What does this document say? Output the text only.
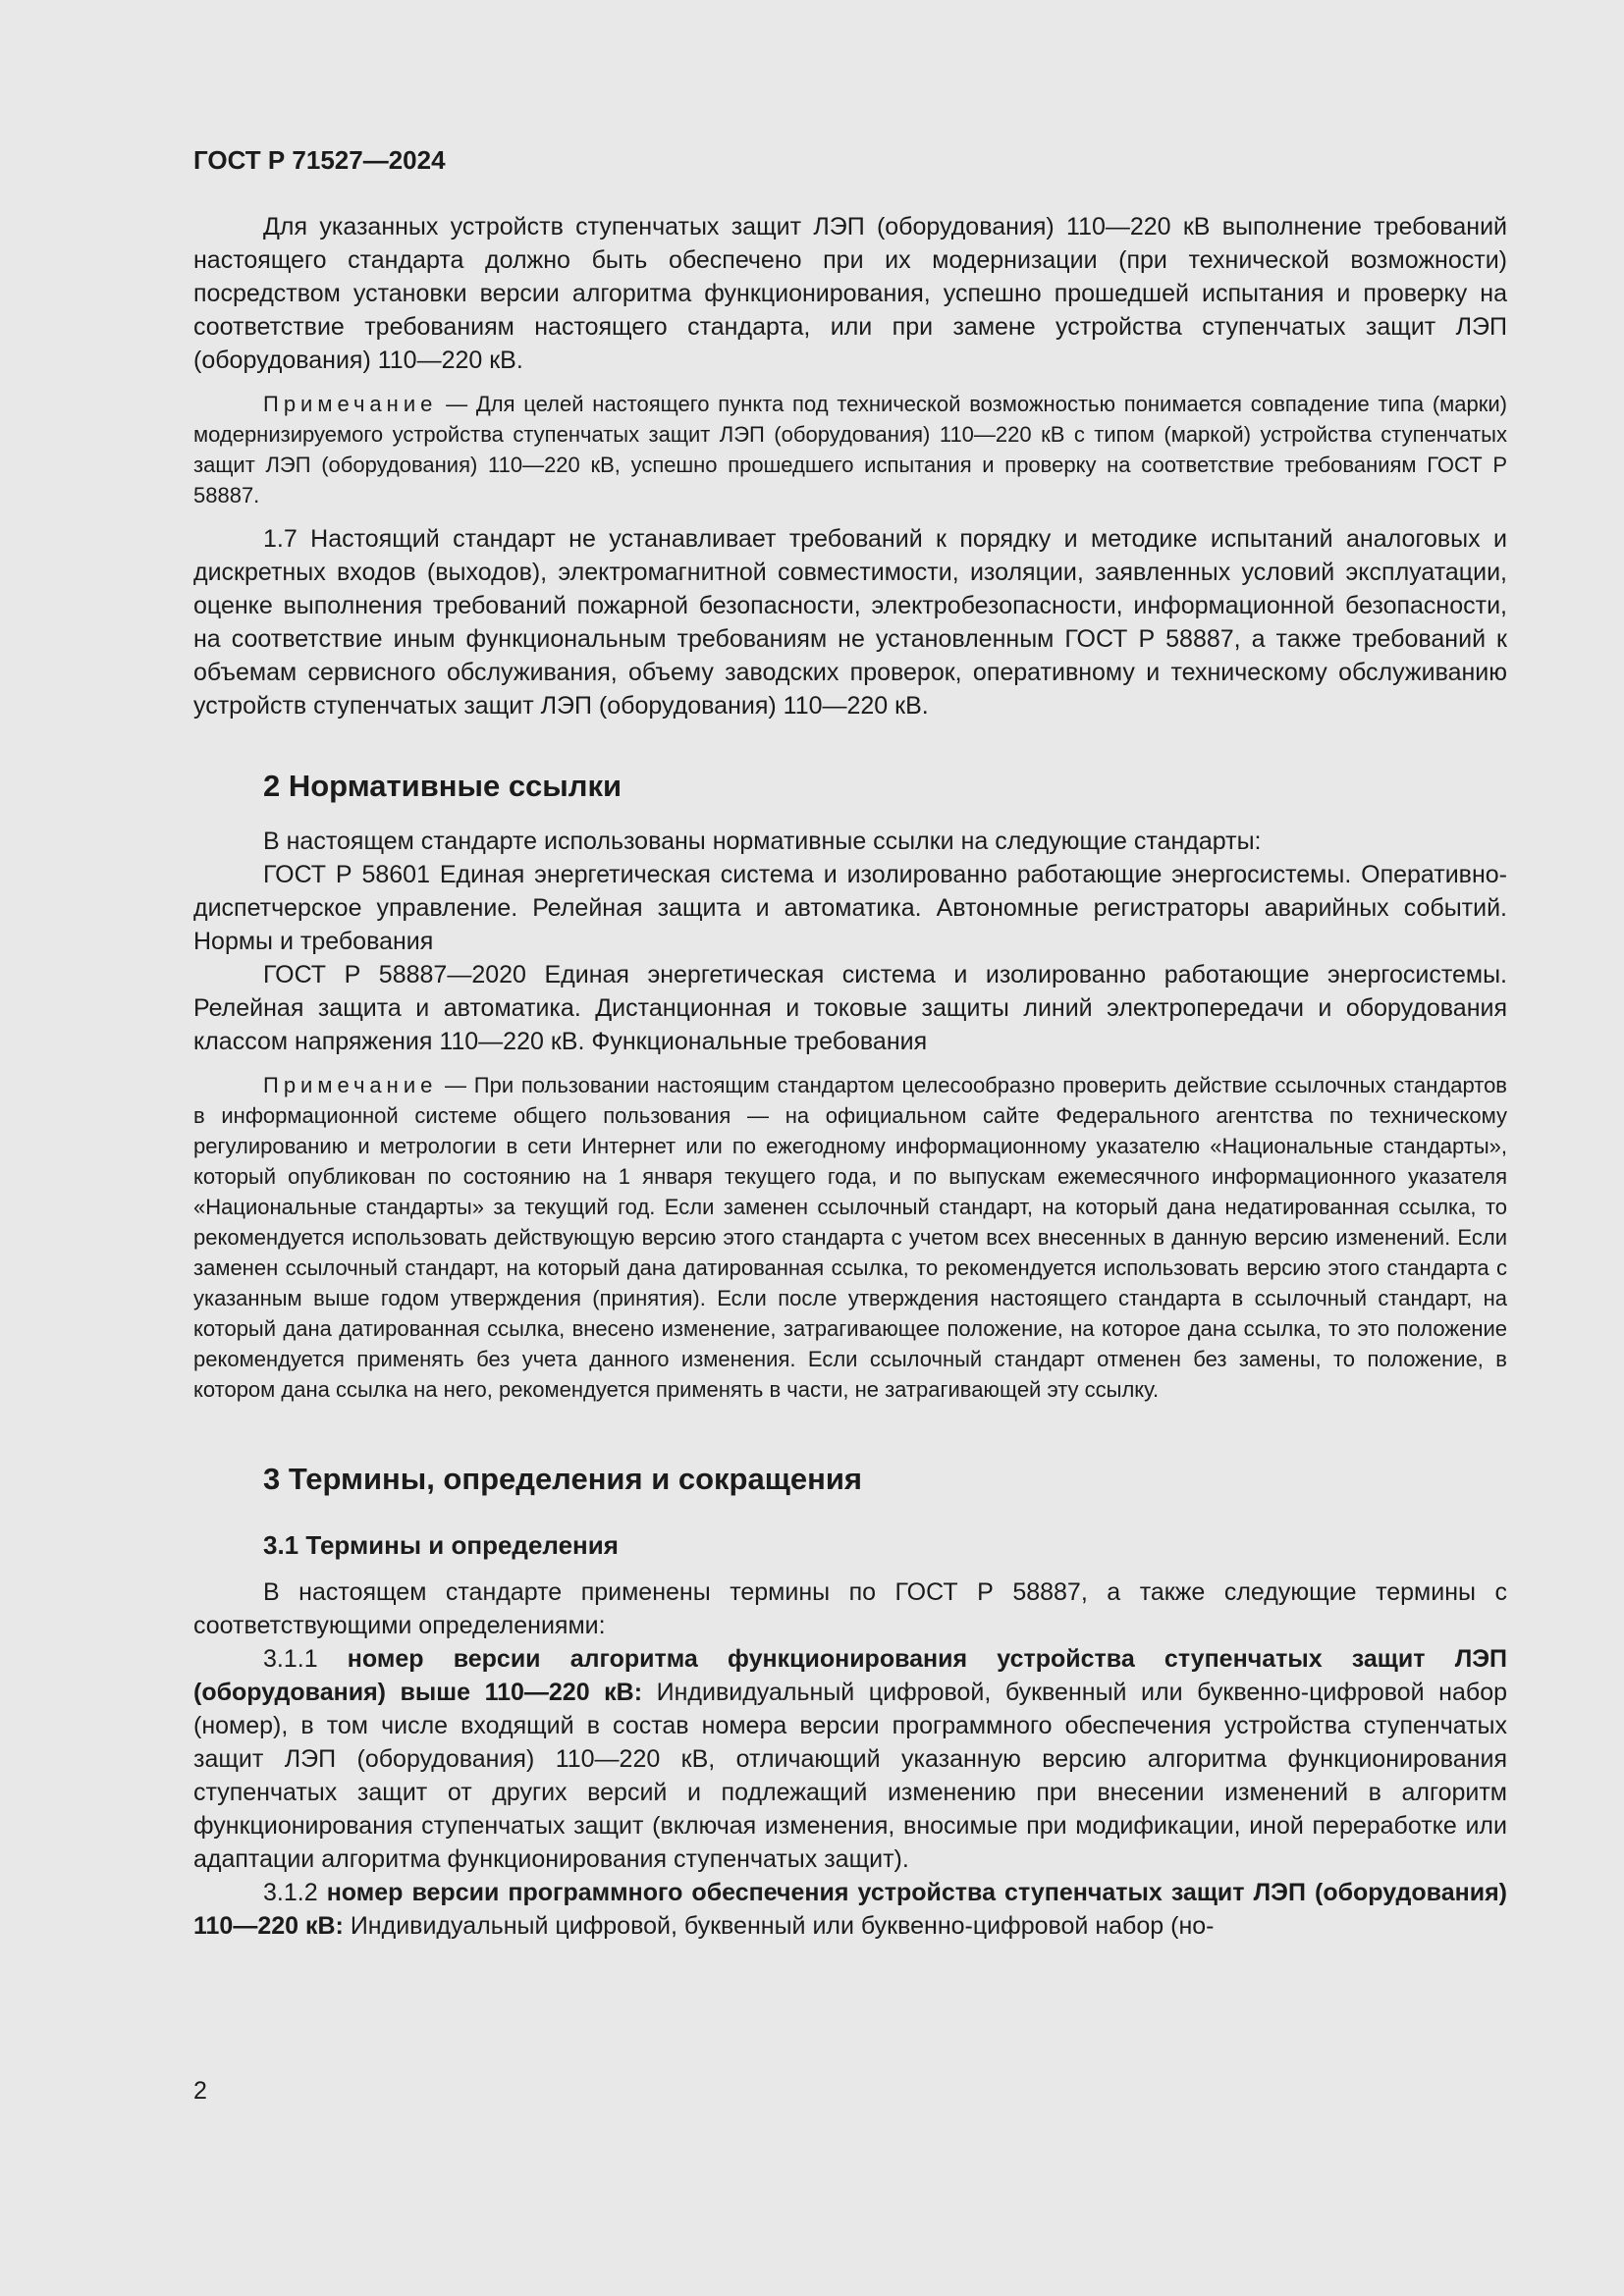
ГОСТ Р 71527—2024

Для указанных устройств ступенчатых защит ЛЭП (оборудования) 110—220 кВ выполнение требований настоящего стандарта должно быть обеспечено при их модернизации (при технической возможности) посредством установки версии алгоритма функционирования, успешно прошедшей испытания и проверку на соответствие требованиям настоящего стандарта, или при замене устройства ступенчатых защит ЛЭП (оборудования) 110—220 кВ.

Примечание — Для целей настоящего пункта под технической возможностью понимается совпадение типа (марки) модернизируемого устройства ступенчатых защит ЛЭП (оборудования) 110—220 кВ с типом (маркой) устройства ступенчатых защит ЛЭП (оборудования) 110—220 кВ, успешно прошедшего испытания и проверку на соответствие требованиям ГОСТ Р 58887.

1.7 Настоящий стандарт не устанавливает требований к порядку и методике испытаний аналоговых и дискретных входов (выходов), электромагнитной совместимости, изоляции, заявленных условий эксплуатации, оценке выполнения требований пожарной безопасности, электробезопасности, информационной безопасности, на соответствие иным функциональным требованиям не установленным ГОСТ Р 58887, а также требований к объемам сервисного обслуживания, объему заводских проверок, оперативному и техническому обслуживанию устройств ступенчатых защит ЛЭП (оборудования) 110—220 кВ.

2 Нормативные ссылки

В настоящем стандарте использованы нормативные ссылки на следующие стандарты:

ГОСТ Р 58601 Единая энергетическая система и изолированно работающие энергосистемы. Оперативно-диспетчерское управление. Релейная защита и автоматика. Автономные регистраторы аварийных событий. Нормы и требования

ГОСТ Р 58887—2020 Единая энергетическая система и изолированно работающие энергосистемы. Релейная защита и автоматика. Дистанционная и токовые защиты линий электропередачи и оборудования классом напряжения 110—220 кВ. Функциональные требования

Примечание — При пользовании настоящим стандартом целесообразно проверить действие ссылочных стандартов в информационной системе общего пользования — на официальном сайте Федерального агентства по техническому регулированию и метрологии в сети Интернет или по ежегодному информационному указателю «Национальные стандарты», который опубликован по состоянию на 1 января текущего года, и по выпускам ежемесячного информационного указателя «Национальные стандарты» за текущий год. Если заменен ссылочный стандарт, на который дана недатированная ссылка, то рекомендуется использовать действующую версию этого стандарта с учетом всех внесенных в данную версию изменений. Если заменен ссылочный стандарт, на который дана датированная ссылка, то рекомендуется использовать версию этого стандарта с указанным выше годом утверждения (принятия). Если после утверждения настоящего стандарта в ссылочный стандарт, на который дана датированная ссылка, внесено изменение, затрагивающее положение, на которое дана ссылка, то это положение рекомендуется применять без учета данного изменения. Если ссылочный стандарт отменен без замены, то положение, в котором дана ссылка на него, рекомендуется применять в части, не затрагивающей эту ссылку.

3 Термины, определения и сокращения
3.1 Термины и определения

В настоящем стандарте применены термины по ГОСТ Р 58887, а также следующие термины с соответствующими определениями:

3.1.1 номер версии алгоритма функционирования устройства ступенчатых защит ЛЭП (оборудования) выше 110—220 кВ: Индивидуальный цифровой, буквенный или буквенно-цифровой набор (номер), в том числе входящий в состав номера версии программного обеспечения устройства ступенчатых защит ЛЭП (оборудования) 110—220 кВ, отличающий указанную версию алгоритма функционирования ступенчатых защит от других версий и подлежащий изменению при внесении изменений в алгоритм функционирования ступенчатых защит (включая изменения, вносимые при модификации, иной переработке или адаптации алгоритма функционирования ступенчатых защит).

3.1.2 номер версии программного обеспечения устройства ступенчатых защит ЛЭП (оборудования) 110—220 кВ: Индивидуальный цифровой, буквенный или буквенно-цифровой набор (но-

2
